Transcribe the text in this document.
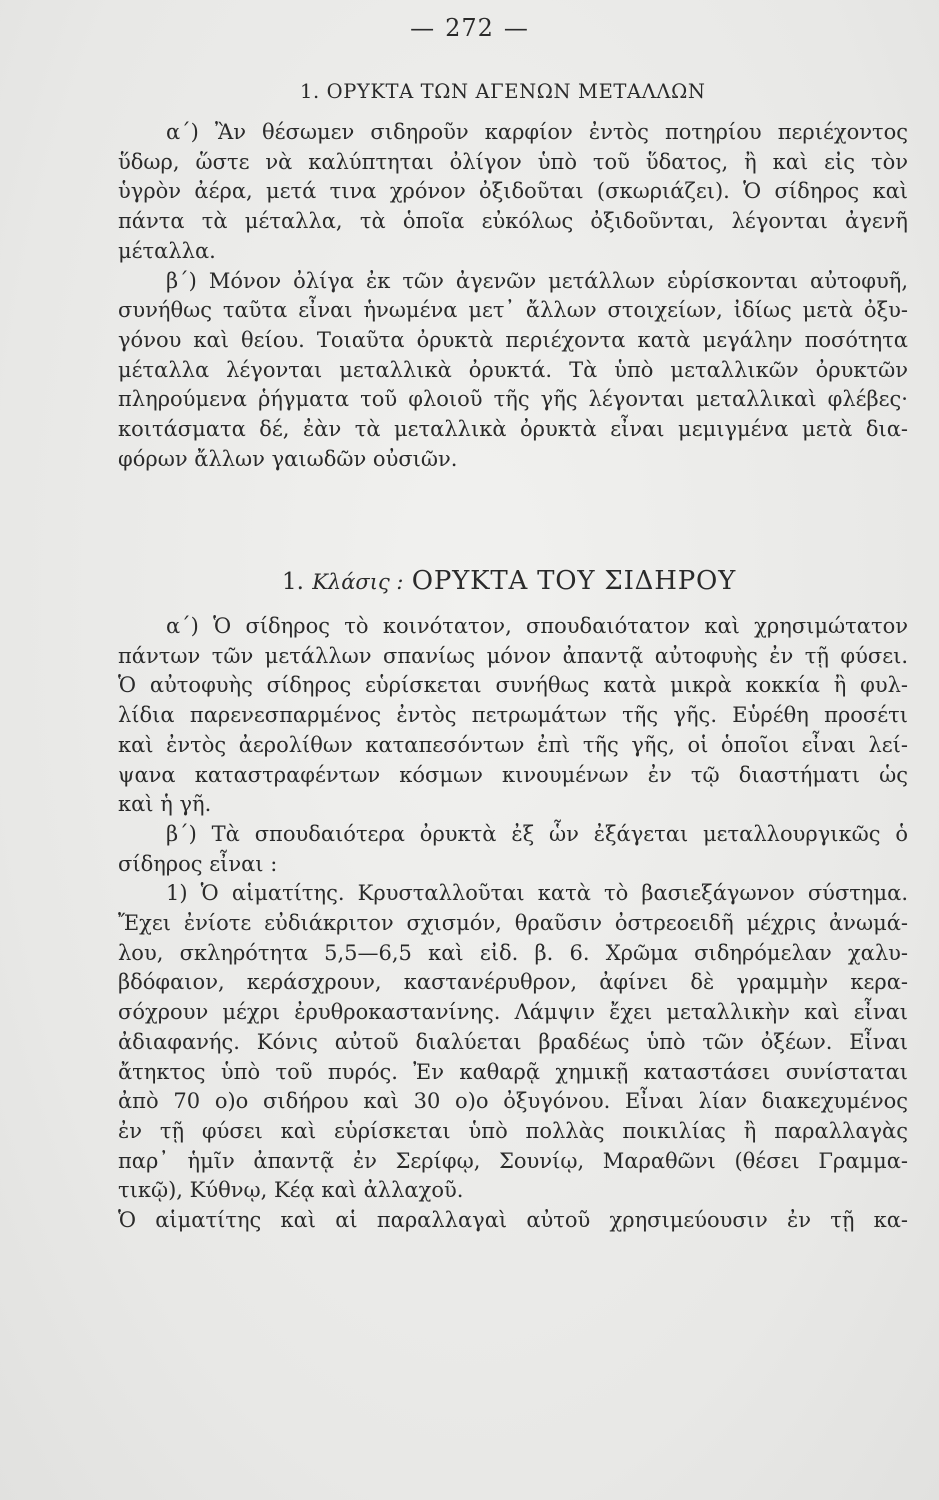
— 272 —
1. ΟΡΥΚΤΑ ΤΩΝ ΑΓΕΝΩΝ ΜΕΤΑΛΛΩΝ
α΄) Ἂν θέσωμεν σιδηροῦν καρφίον ἐντὸς ποτηρίου περιέχοντος
ὕδωρ, ὥστε νὰ καλύπτηται ὀλίγον ὑπὸ τοῦ ὕδατος, ἢ καὶ εἰς τὸν
ὑγρὸν ἀέρα, μετά τινα χρόνον ὀξιδοῦται (σκωριάζει). Ὁ σίδηρος καὶ
πάντα τὰ μέταλλα, τὰ ὁποῖα εὐκόλως ὀξιδοῦνται, λέγονται ἀγενῆ
μέταλλα.
β΄) Μόνον ὀλίγα ἐκ τῶν ἀγενῶν μετάλλων εὑρίσκονται αὐτοφυῆ,
συνήθως ταῦτα εἶναι ἡνωμένα μετ᾽ ἄλλων στοιχείων, ἰδίως μετὰ ὀξυ-
γόνου καὶ θείου. Τοιαῦτα ὀρυκτὰ περιέχοντα κατὰ μεγάλην ποσότητα
μέταλλα λέγονται μεταλλικὰ ὀρυκτά. Τὰ ὑπὸ μεταλλικῶν ὀρυκτῶν
πληρούμενα ῥήγματα τοῦ φλοιοῦ τῆς γῆς λέγονται μεταλλικαὶ φλέβες·
κοιτάσματα δέ, ἐὰν τὰ μεταλλικὰ ὀρυκτὰ εἶναι μεμιγμένα μετὰ δια-
φόρων ἄλλων γαιωδῶν οὐσιῶν.
1. Κλάσις : ΟΡΥΚΤΑ ΤΟΥ ΣΙΔΗΡΟΥ
α΄) Ὁ σίδηρος τὸ κοινότατον, σπουδαιότατον καὶ χρησιμώτατον
πάντων τῶν μετάλλων σπανίως μόνον ἀπαντᾷ αὐτοφυὴς ἐν τῇ φύσει.
Ὁ αὐτοφυὴς σίδηρος εὑρίσκεται συνήθως κατὰ μικρὰ κοκκία ἢ φυλ-
λίδια παρενεσπαρμένος ἐντὸς πετρωμάτων τῆς γῆς. Εὑρέθη προσέτι
καὶ ἐντὸς ἀερολίθων καταπεσόντων ἐπὶ τῆς γῆς, οἱ ὁποῖοι εἶναι λεί-
ψανα καταστραφέντων κόσμων κινουμένων ἐν τῷ διαστήματι ὡς
καὶ ἡ γῆ.
β΄) Τὰ σπουδαιότερα ὀρυκτὰ ἐξ ὧν ἐξάγεται μεταλλουργικῶς ὁ
σίδηρος εἶναι :
1) Ὁ αἱματίτης. Κρυσταλλοῦται κατὰ τὸ βασιεξάγωνον σύστημα.
Ἔχει ἐνίοτε εὐδιάκριτον σχισμόν, θραῦσιν ὀστρεοειδῆ μέχρις ἀνωμά-
λου, σκληρότητα 5,5—6,5 καὶ εἰδ. β. 6. Χρῶμα σιδηρόμελαν χαλυ-
βδόφαιον, κεράσχρουν, καστανέρυθρον, ἀφίνει δὲ γραμμὴν κερα-
σόχρουν μέχρι ἐρυθροκαστανίνης. Λάμψιν ἔχει μεταλλικὴν καὶ εἶναι
ἀδιαφανής. Κόνις αὐτοῦ διαλύεται βραδέως ὑπὸ τῶν ὀξέων. Εἶναι
ἄτηκτος ὑπὸ τοῦ πυρός. Ἐν καθαρᾷ χημικῇ καταστάσει συνίσταται
ἀπὸ 70 ο)ο σιδήρου καὶ 30 ο)ο ὀξυγόνου. Εἶναι λίαν διακεχυμένος
ἐν τῇ φύσει καὶ εὑρίσκεται ὑπὸ πολλὰς ποικιλίας ἢ παραλλαγὰς
παρ᾽ ἡμῖν ἀπαντᾷ ἐν Σερίφῳ, Σουνίῳ, Μαραθῶνι (θέσει Γραμμα-
τικῷ), Κύθνῳ, Κέᾳ καὶ ἀλλαχοῦ.
Ὁ αἱματίτης καὶ αἱ παραλλαγαὶ αὐτοῦ χρησιμεύουσιν ἐν τῇ κα-
